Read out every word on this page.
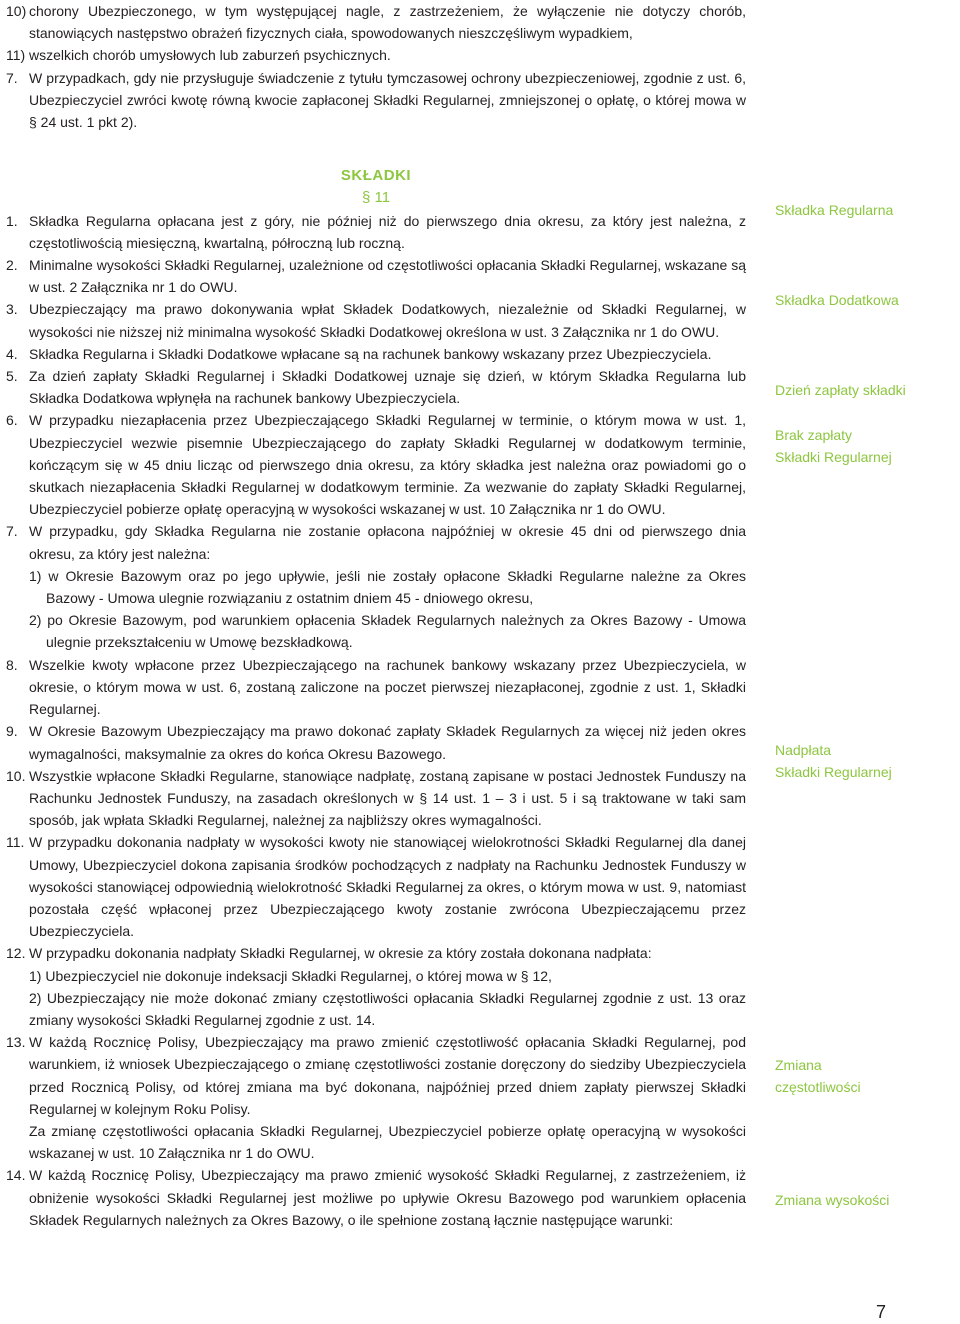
10) chorony Ubezpieczonego, w tym występującej nagle, z zastrzeżeniem, że wyłączenie nie dotyczy chorób, stanowiących następstwo obrażeń fizycznych ciała, spowodowanych nieszczęśliwym wypadkiem,

11) wszelkich chorób umysłowych lub zaburzeń psychicznych.

7. W przypadkach, gdy nie przysługuje świadczenie z tytułu tymczasowej ochrony ubezpieczeniowej, zgodnie z ust. 6, Ubezpieczyciel zwróci kwotę równą kwocie zapłaconej Składki Regularnej, zmniejszonej o opłatę, o której mowa w § 24 ust. 1 pkt 2).

SKŁADKI

§ 11

1. Składka Regularna opłacana jest z góry, nie później niż do pierwszego dnia okresu, za który jest należna, z częstotliwością miesięczną, kwartalną, półroczną lub roczną.

2. Minimalne wysokości Składki Regularnej, uzależnione od częstotliwości opłacania Składki Regularnej, wskazane są w ust. 2 Załącznika nr 1 do OWU.

3. Ubezpieczający ma prawo dokonywania wpłat Składek Dodatkowych, niezależnie od Składki Regularnej, w wysokości nie niższej niż minimalna wysokość Składki Dodatkowej określona w ust. 3 Załącznika nr 1 do OWU.

4. Składka Regularna i Składki Dodatkowe wpłacane są na rachunek bankowy wskazany przez Ubezpieczyciela.

5. Za dzień zapłaty Składki Regularnej i Składki Dodatkowej uznaje się dzień, w którym Składka Regularna lub Składka Dodatkowa wpłynęła na rachunek bankowy Ubezpieczyciela.

6. W przypadku niezapłacenia przez Ubezpieczającego Składki Regularnej w terminie, o którym mowa w ust. 1, Ubezpieczyciel wezwie pisemnie Ubezpieczającego do zapłaty Składki Regularnej w dodatkowym terminie, kończącym się w 45 dniu licząc od pierwszego dnia okresu, za który składka jest należna oraz powiadomi go o skutkach niezapłacenia Składki Regularnej w dodatkowym terminie. Za wezwanie do zapłaty Składki Regularnej, Ubezpieczyciel pobierze opłatę operacyjną w wysokości wskazanej w ust. 10 Załącznika nr 1 do OWU.

7. W przypadku, gdy Składka Regularna nie zostanie opłacona najpóźniej w okresie 45 dni od pierwszego dnia okresu, za który jest należna:

1) w Okresie Bazowym oraz po jego upływie, jeśli nie zostały opłacone Składki Regularne należne za Okres Bazowy - Umowa ulegnie rozwiązaniu z ostatnim dniem 45 - dniowego okresu,

2) po Okresie Bazowym, pod warunkiem opłacenia Składek Regularnych należnych za Okres Bazowy - Umowa ulegnie przekształceniu w Umowę bezskładkową.

8. Wszelkie kwoty wpłacone przez Ubezpieczającego na rachunek bankowy wskazany przez Ubezpieczyciela, w okresie, o którym mowa w ust. 6, zostaną zaliczone na poczet pierwszej niezapłaconej, zgodnie z ust. 1, Składki Regularnej.

9. W Okresie Bazowym Ubezpieczający ma prawo dokonać zapłaty Składek Regularnych za więcej niż jeden okres wymagalności, maksymalnie za okres do końca Okresu Bazowego.

10. Wszystkie wpłacone Składki Regularne, stanowiące nadpłatę, zostaną zapisane w postaci Jednostek Funduszy na Rachunku Jednostek Funduszy, na zasadach określonych w § 14 ust. 1 – 3 i ust. 5 i są traktowane w taki sam sposób, jak wpłata Składki Regularnej, należnej za najbliższy okres wymagalności.

11. W przypadku dokonania nadpłaty w wysokości kwoty nie stanowiącej wielokrotności Składki Regularnej dla danej Umowy, Ubezpieczyciel dokona zapisania środków pochodzących z nadpłaty na Rachunku Jednostek Funduszy w wysokości stanowiącej odpowiednią wielokrotność Składki Regularnej za okres, o którym mowa w ust. 9, natomiast pozostała część wpłaconej przez Ubezpieczającego kwoty zostanie zwrócona Ubezpieczającemu przez Ubezpieczyciela.

12. W przypadku dokonania nadpłaty Składki Regularnej, w okresie za który została dokonana nadpłata:

1) Ubezpieczyciel nie dokonuje indeksacji Składki Regularnej, o której mowa w § 12,

2) Ubezpieczający nie może dokonać zmiany częstotliwości opłacania Składki Regularnej zgodnie z ust. 13 oraz zmiany wysokości Składki Regularnej zgodnie z ust. 14.

13. W każdą Rocznicę Polisy, Ubezpieczający ma prawo zmienić częstotliwość opłacania Składki Regularnej, pod warunkiem, iż wniosek Ubezpieczającego o zmianę częstotliwości zostanie doręczony do siedziby Ubezpieczyciela przed Rocznicą Polisy, od której zmiana ma być dokonana, najpóźniej przed dniem zapłaty pierwszej Składki Regularnej w kolejnym Roku Polisy.

Za zmianę częstotliwości opłacania Składki Regularnej, Ubezpieczyciel pobierze opłatę operacyjną w wysokości wskazanej w ust. 10 Załącznika nr 1 do OWU.

14. W każdą Rocznicę Polisy, Ubezpieczający ma prawo zmienić wysokość Składki Regularnej, z zastrzeżeniem, iż obniżenie wysokości Składki Regularnej jest możliwe po upływie Okresu Bazowego pod warunkiem opłacenia Składek Regularnych należnych za Okres Bazowy, o ile spełnione zostaną łącznie następujące warunki:

Składka Regularna
Składka Dodatkowa
Dzień zapłaty składki
Brak zapłaty
Składki Regularnej
Nadpłata
Składki Regularnej
Zmiana
częstotliwości
Zmiana wysokości
7
